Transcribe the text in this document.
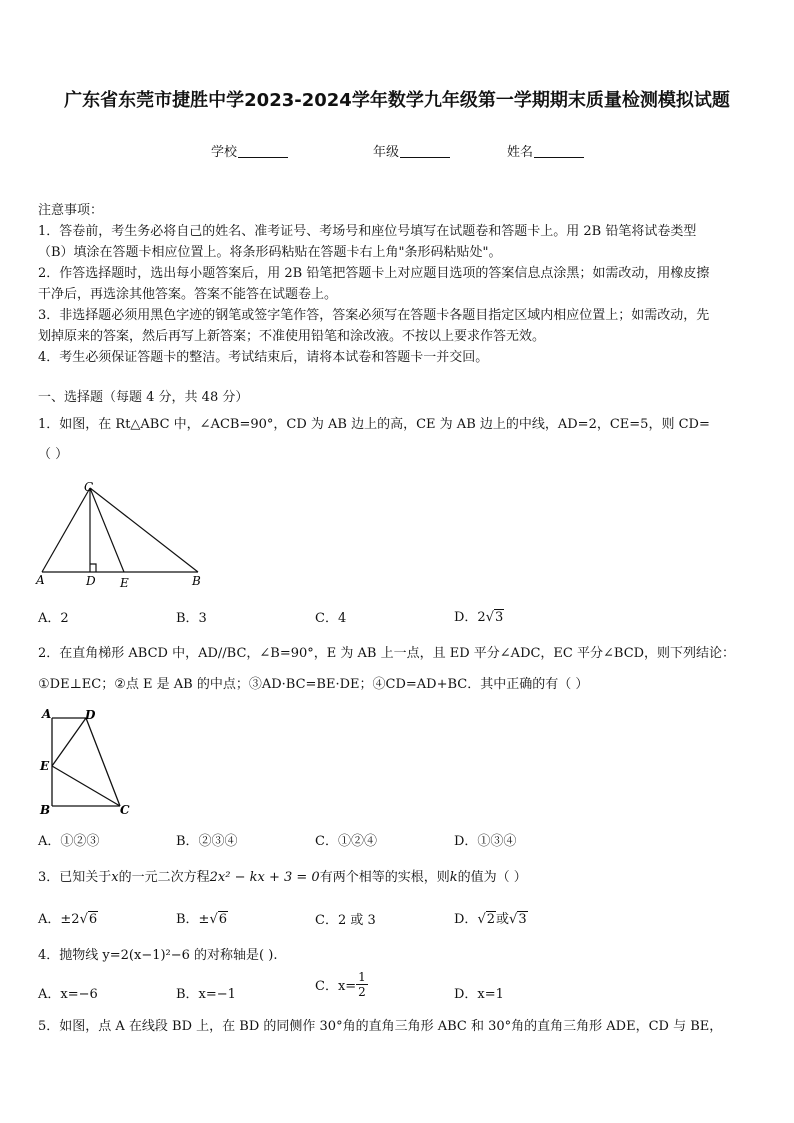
广东省东莞市捷胜中学2023-2024学年数学九年级第一学期期末质量检测模拟试题
学校	年级	姓名
注意事项：
1．答卷前，考生务必将自己的姓名、准考证号、考场号和座位号填写在试题卷和答题卡上。用 2B 铅笔将试卷类型
（B）填涂在答题卡相应位置上。将条形码粘贴在答题卡右上角"条形码粘贴处"。
2．作答选择题时，选出每小题答案后，用 2B 铅笔把答题卡上对应题目选项的答案信息点涂黑；如需改动，用橡皮擦
干净后，再选涂其他答案。答案不能答在试题卷上。
3．非选择题必须用黑色字迹的钢笔或签字笔作答，答案必须写在答题卡各题目指定区域内相应位置上；如需改动，先
划掉原来的答案，然后再写上新答案；不准使用铅笔和涂改液。不按以上要求作答无效。
4．考生必须保证答题卡的整洁。考试结束后，请将本试卷和答题卡一并交回。
一、选择题（每题 4 分，共 48 分）
1．如图，在 Rt△ABC 中，∠ACB=90°，CD 为 AB 边上的高，CE 为 AB 边上的中线，AD=2，CE=5，则 CD=
（ ）
C
A	D E	B
A．2	B．3	C．4	D．2√3
2．在直角梯形 ABCD 中，AD//BC，∠B=90°，E 为 AB 上一点，且 ED 平分∠ADC，EC 平分∠BCD，则下列结论：
①DE⊥EC；②点 E 是 AB 的中点；③AD·BC=BE·DE；④CD=AD+BC．其中正确的有（ ）
A	D
E
B	C
A．①②③	B．②③④	C．①②④	D．①③④
3．已知关于x的一元二次方程2x² − kx + 3 = 0有两个相等的实根，则k的值为（ ）
A．±2√6	B．±√6	C．2 或 3	D．√2或√3
4．抛物线 y=2(x−1)²−6 的对称轴是( ).
A．x=−6	B．x=−1
C．$x= \frac{1}{2}$	D．x=1
5．如图，点 A 在线段 BD 上，在 BD 的同侧作 30°角的直角三角形 ABC 和 30°角的直角三角形 ADE，CD 与 BE，
